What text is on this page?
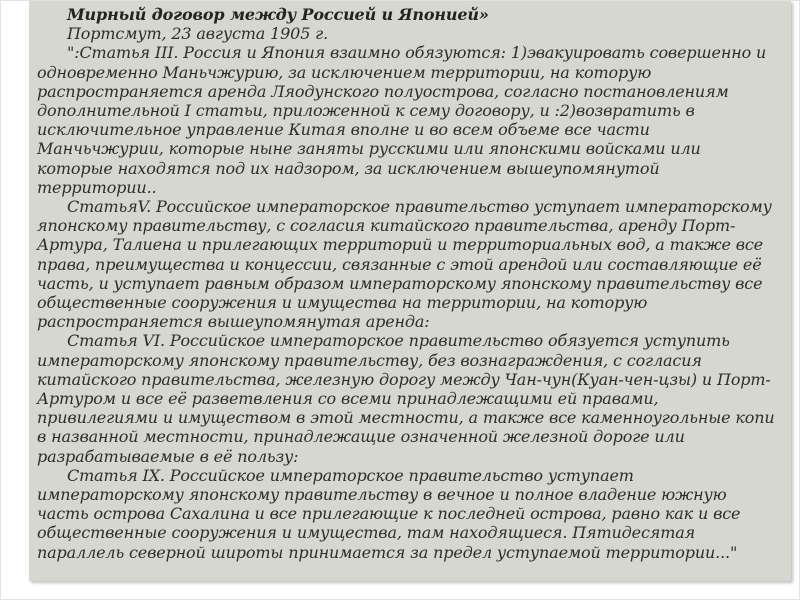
Мирный договор между Россией и Японией»

Портсмут, 23 августа 1905 г.

":Статья III. Россия и Япония взаимно обязуются: 1)эвакуировать совершенно и одновременно Маньчжурию, за исключением территории, на которую распространяется аренда Ляодунского полуострова, согласно постановлениям дополнительной I статьи, приложенной к сему договору, и :2)возвратить в исключительное управление Китая вполне и во всем объеме все части Манчьчжурии, которые ныне заняты русскими или японскими войсками или которые находятся под их надзором, за исключением вышеупомянутой территории..

СтатьяV. Российское императорское правительство уступает императорскому японскому правительству, с согласия китайского правительства, аренду Порт-Артура, Талиена и прилегающих территорий и территориальных вод, а также все права, преимущества и концессии, связанные с этой арендой или составляющие её часть, и уступает равным образом императорскому японскому правительству все общественные сооружения и имущества на территории, на которую распространяется вышеупомянутая аренда:

Статья VI. Российское императорское правительство обязуется уступить императорскому японскому правительству, без вознаграждения, с согласия китайского правительства, железную дорогу между Чан-чун(Куан-чен-цзы) и Порт-Артуром и все её разветвления со всеми принадлежащими ей правами, привилегиями и имуществом в этой местности, а также все каменноугольные копи в названной местности, принадлежащие означенной железной дороге или разрабатываемые в её пользу:

Статья IX. Российское императорское правительство уступает императорскому японскому правительству в вечное и полное владение южную часть острова Сахалина и все прилегающие к последней острова, равно как и все общественные сооружения и имущества, там находящиеся. Пятидесятая параллель северной широты принимается за предел уступаемой территории..."
